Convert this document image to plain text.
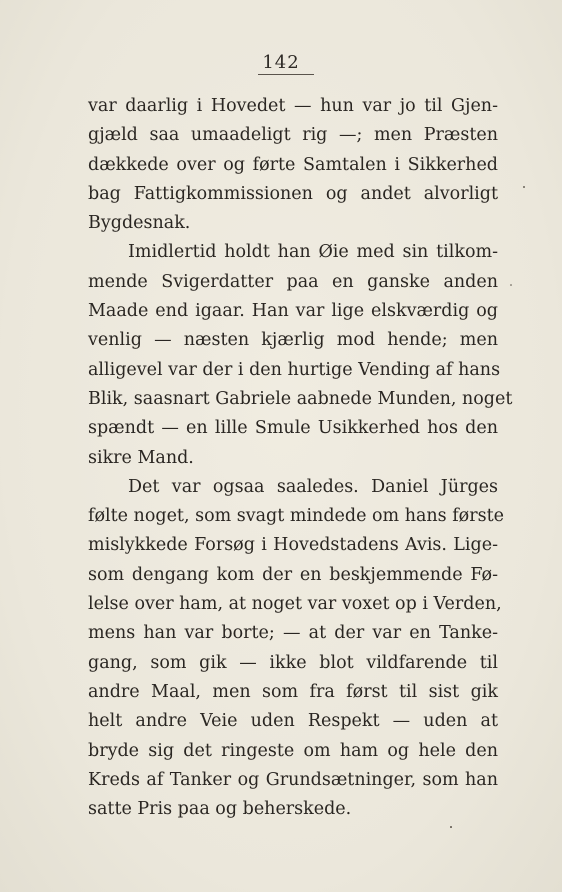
142
var daarlig i Hovedet — hun var jo til Gjen-
gjæld saa umaadeligt rig —; men Præsten
dækkede over og førte Samtalen i Sikkerhed
bag Fattigkommissionen og andet alvorligt
Bygdesnak.
Imidlertid holdt han Øie med sin tilkom-
mende Svigerdatter paa en ganske anden
Maade end igaar. Han var lige elskværdig og
venlig — næsten kjærlig mod hende; men
alligevel var der i den hurtige Vending af hans
Blik, saasnart Gabriele aabnede Munden, noget
spændt — en lille Smule Usikkerhed hos den
sikre Mand.
Det var ogsaa saaledes. Daniel Jürges
følte noget, som svagt mindede om hans første
mislykkede Forsøg i Hovedstadens Avis. Lige-
som dengang kom der en beskjemmende Fø-
lelse over ham, at noget var voxet op i Verden,
mens han var borte; — at der var en Tanke-
gang, som gik — ikke blot vildfarende til
andre Maal, men som fra først til sist gik
helt andre Veie uden Respekt — uden at
bryde sig det ringeste om ham og hele den
Kreds af Tanker og Grundsætninger, som han
satte Pris paa og beherskede.
